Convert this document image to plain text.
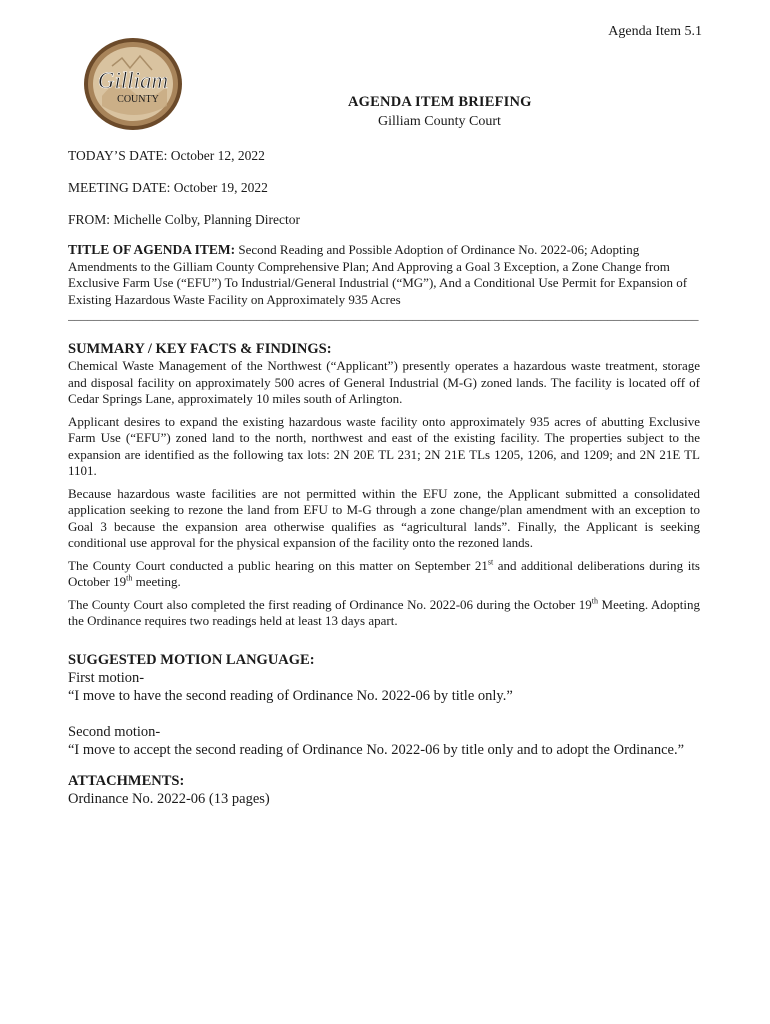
Agenda Item 5.1
Gilliam
COUNTY	AGENDA ITEM BRIEFING
Gilliam County Court

TODAY’S DATE: October 12, 2022

MEETING DATE: October 19, 2022

FROM: Michelle Colby, Planning Director

TITLE OF AGENDA ITEM: Second Reading and Possible Adoption of Ordinance No. 2022-06; Adopting Amendments to the Gilliam County Comprehensive Plan; And Approving a Goal 3 Exception, a Zone Change from Exclusive Farm Use (“EFU”) To Industrial/General Industrial (“MG”), And a Conditional Use Permit for Expansion of Existing Hazardous Waste Facility on Approximately 935 Acres

_________________________________________________________________________________________________
SUMMARY / KEY FACTS & FINDINGS:

Chemical Waste Management of the Northwest (“Applicant”) presently operates a hazardous waste treatment, storage and disposal facility on approximately 500 acres of General Industrial (M-G) zoned lands. The facility is located off of Cedar Springs Lane, approximately 10 miles south of Arlington.

Applicant desires to expand the existing hazardous waste facility onto approximately 935 acres of abutting Exclusive Farm Use (“EFU”) zoned land to the north, northwest and east of the existing facility. The properties subject to the expansion are identified as the following tax lots: 2N 20E TL 231; 2N 21E TLs 1205, 1206, and 1209; and 2N 21E TL 1101.

Because hazardous waste facilities are not permitted within the EFU zone, the Applicant submitted a consolidated application seeking to rezone the land from EFU to M-G through a zone change/plan amendment with an exception to Goal 3 because the expansion area otherwise qualifies as “agricultural lands”. Finally, the Applicant is seeking conditional use approval for the physical expansion of the facility onto the rezoned lands.

The County Court conducted a public hearing on this matter on September 21st and additional deliberations during its October 19th meeting.

The County Court also completed the first reading of Ordinance No. 2022-06 during the October 19th Meeting. Adopting the Ordinance requires two readings held at least 13 days apart.

SUGGESTED MOTION LANGUAGE:

First motion-

“I move to have the second reading of Ordinance No. 2022-06 by title only.”

Second motion-

“I move to accept the second reading of Ordinance No. 2022-06 by title only and to adopt the Ordinance.”

ATTACHMENTS:

Ordinance No. 2022-06 (13 pages)
